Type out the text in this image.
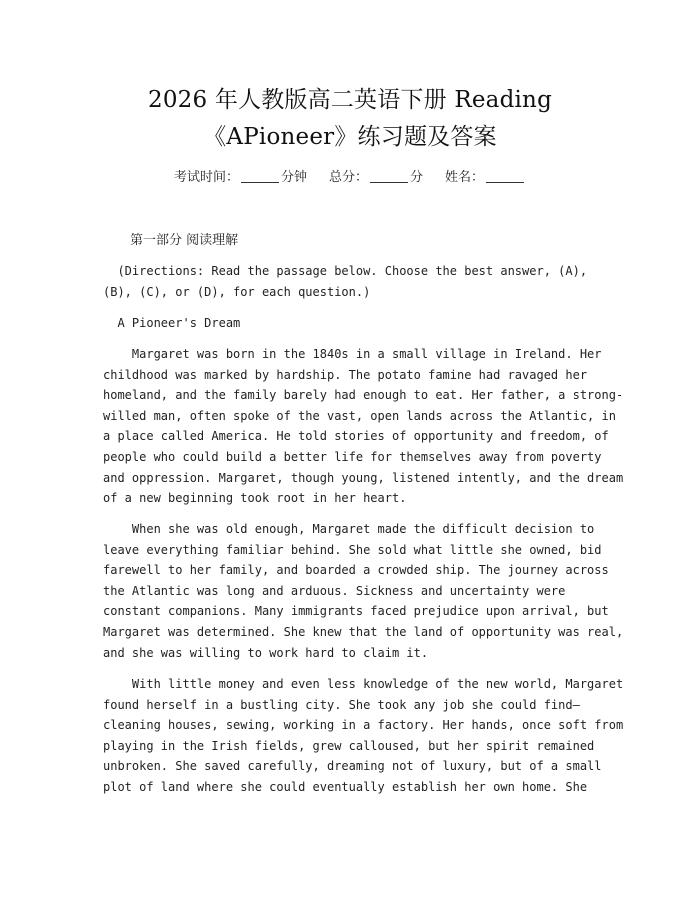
2026 年人教版高二英语下册 Reading
《APioneer》练习题及答案
考试时间：	分钟 总分：	分 姓名：
第一部分 阅读理解
(Directions: Read the passage below. Choose the best answer, (A),
(B), (C), or (D), for each question.)
A Pioneer's Dream
Margaret was born in the 1840s in a small village in Ireland. Her
childhood was marked by hardship. The potato famine had ravaged her
homeland, and the family barely had enough to eat. Her father, a strong-
willed man, often spoke of the vast, open lands across the Atlantic, in
a place called America. He told stories of opportunity and freedom, of
people who could build a better life for themselves away from poverty
and oppression. Margaret, though young, listened intently, and the dream
of a new beginning took root in her heart.
When she was old enough, Margaret made the difficult decision to
leave everything familiar behind. She sold what little she owned, bid
farewell to her family, and boarded a crowded ship. The journey across
the Atlantic was long and arduous. Sickness and uncertainty were
constant companions. Many immigrants faced prejudice upon arrival, but
Margaret was determined. She knew that the land of opportunity was real,
and she was willing to work hard to claim it.
With little money and even less knowledge of the new world, Margaret
found herself in a bustling city. She took any job she could find—
cleaning houses, sewing, working in a factory. Her hands, once soft from
playing in the Irish fields, grew calloused, but her spirit remained
unbroken. She saved carefully, dreaming not of luxury, but of a small
plot of land where she could eventually establish her own home. She
